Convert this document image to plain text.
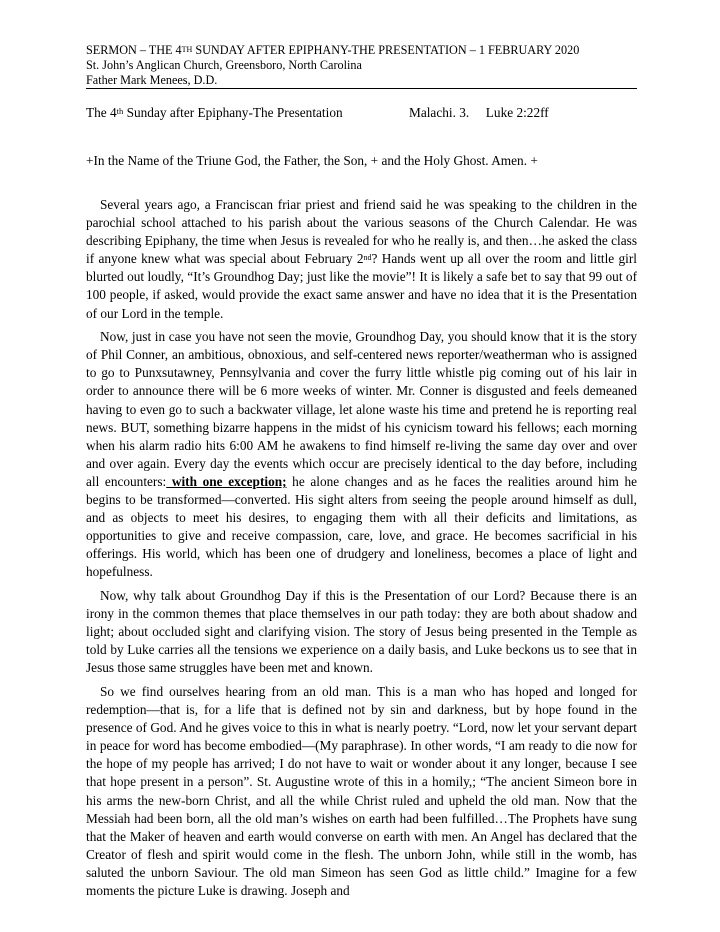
SERMON – THE 4TH SUNDAY AFTER EPIPHANY-THE PRESENTATION – 1 FEBRUARY 2020
St. John’s Anglican Church, Greensboro, North Carolina
Father Mark Menees, D.D.
The 4th Sunday after Epiphany-The Presentation	Malachi. 3.     Luke 2:22ff
+In the Name of the Triune God, the Father, the Son, + and the Holy Ghost. Amen. +

Several years ago, a Franciscan friar priest and friend said he was speaking to the children in the parochial school attached to his parish about the various seasons of the Church Calendar. He was describing Epiphany, the time when Jesus is revealed for who he really is, and then…he asked the class if anyone knew what was special about February 2nd? Hands went up all over the room and little girl blurted out loudly, “It’s Groundhog Day; just like the movie”! It is likely a safe bet to say that 99 out of 100 people, if asked, would provide the exact same answer and have no idea that it is the Presentation of our Lord in the temple.

Now, just in case you have not seen the movie, Groundhog Day, you should know that it is the story of Phil Conner, an ambitious, obnoxious, and self-centered news reporter/weatherman who is assigned to go to Punxsutawney, Pennsylvania and cover the furry little whistle pig coming out of his lair in order to announce there will be 6 more weeks of winter. Mr. Conner is disgusted and feels demeaned having to even go to such a backwater village, let alone waste his time and pretend he is reporting real news. BUT, something bizarre happens in the midst of his cynicism toward his fellows; each morning when his alarm radio hits 6:00 AM he awakens to find himself re-living the same day over and over and over again. Every day the events which occur are precisely identical to the day before, including all encounters: with one exception; he alone changes and as he faces the realities around him he begins to be transformed—converted. His sight alters from seeing the people around himself as dull, and as objects to meet his desires, to engaging them with all their deficits and limitations, as opportunities to give and receive compassion, care, love, and grace. He becomes sacrificial in his offerings. His world, which has been one of drudgery and loneliness, becomes a place of light and hopefulness.

Now, why talk about Groundhog Day if this is the Presentation of our Lord? Because there is an irony in the common themes that place themselves in our path today: they are both about shadow and light; about occluded sight and clarifying vision. The story of Jesus being presented in the Temple as told by Luke carries all the tensions we experience on a daily basis, and Luke beckons us to see that in Jesus those same struggles have been met and known.

So we find ourselves hearing from an old man. This is a man who has hoped and longed for redemption—that is, for a life that is defined not by sin and darkness, but by hope found in the presence of God. And he gives voice to this in what is nearly poetry. “Lord, now let your servant depart in peace for word has become embodied—(My paraphrase). In other words, “I am ready to die now for the hope of my people has arrived; I do not have to wait or wonder about it any longer, because I see that hope present in a person”. St. Augustine wrote of this in a homily,; “The ancient Simeon bore in his arms the new-born Christ, and all the while Christ ruled and upheld the old man. Now that the Messiah had been born, all the old man’s wishes on earth had been fulfilled…The Prophets have sung that the Maker of heaven and earth would converse on earth with men. An Angel has declared that the Creator of flesh and spirit would come in the flesh. The unborn John, while still in the womb, has saluted the unborn Saviour. The old man Simeon has seen God as little child.” Imagine for a few moments the picture Luke is drawing. Joseph and
